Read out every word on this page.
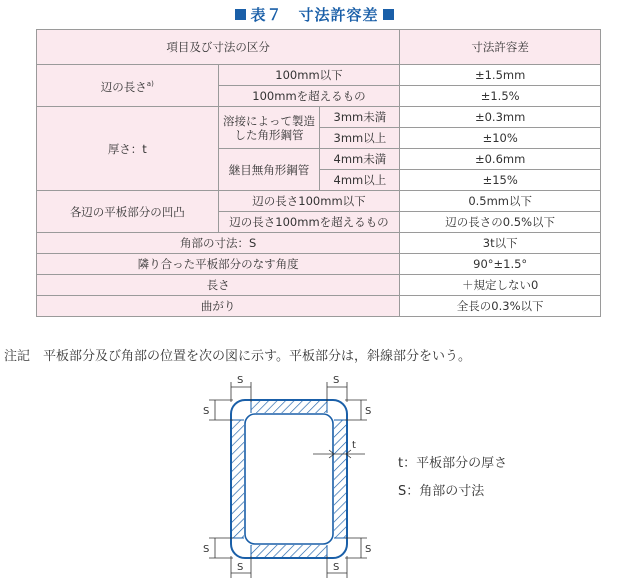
表７　寸法許容差
項目及び寸法の区分			寸法許容差
辺の長さ$^{a)}$	100mm以下		±1.5mm
	100mmを超えるもの		±1.5%
厚さ：t	溶接によって製造した角形鋼管	3mm未満	±0.3mm
		3mm以上	±10%
	継目無角形鋼管	4mm未満	±0.6mm
		4mm以上	±15%
各辺の平板部分の凹凸	辺の長さ100mm以下		0.5mm以下
	辺の長さ100mmを超えるもの		辺の長さの0.5%以下
角部の寸法：S			3t以下
隣り合った平板部分のなす角度			90°±1.5°
長さ			＋規定しない0
曲がり			全長の0.3%以下
注記　平板部分及び角部の位置を次の図に示す。平板部分は，斜線部分をいう。
S	S
S	S
S	S
S	S
t
t：平板部分の厚さ
S：角部の寸法
